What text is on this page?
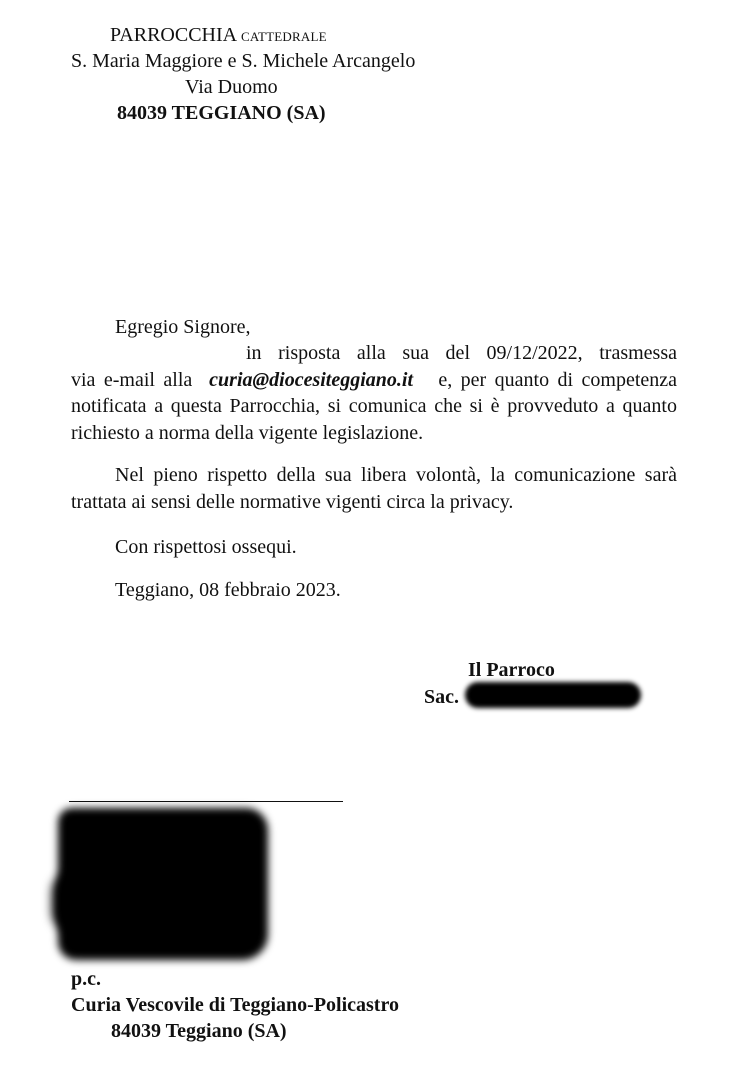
PARROCCHIA CATTEDRALE
S. Maria Maggiore e S. Michele Arcangelo
Via Duomo
84039 TEGGIANO (SA)
Egregio Signore,
in risposta alla sua del 09/12/2022, trasmessa

via e-mail alla curia@diocesiteggiano.it e, per quanto di competenza notificata a questa Parrocchia, si comunica che si è provveduto a quanto richiesto a norma della vigente legislazione.

Nel pieno rispetto della sua libera volontà, la comunicazione sarà trattata ai sensi delle normative vigenti circa la privacy.

Con rispettosi ossequi.
Teggiano, 08 febbraio 2023.
Il Parroco
Sac.
p.c.
Curia Vescovile di Teggiano-Policastro
84039 Teggiano (SA)
